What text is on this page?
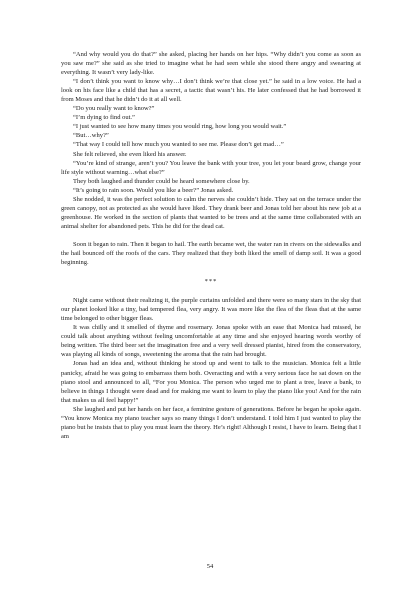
“And why would you do that?” she asked, placing her hands on her hips. “Why didn’t you come as soon as you saw me?” she said as she tried to imagine what he had seen while she stood there angry and swearing at everything. It wasn’t very lady-like.

“I don’t think you want to know why…I don’t think we’re that close yet.” he said in a low voice. He had a look on his face like a child that has a secret, a tactic that wasn’t his. He later confessed that he had borrowed it from Moses and that he didn’t do it at all well.

“Do you really want to know?”

“I’m dying to find out.”

“I just wanted to see how many times you would ring, how long you would wait.”

“But…why?”

“That way I could tell how much you wanted to see me. Please don’t get mad…”

She felt relieved, she even liked his answer.

“You’re kind of strange, aren’t you? You leave the bank with your tree, you let your beard grow, change your life style without warning…what else?”

They both laughed and thunder could be heard somewhere close by.

“It’s going to rain soon. Would you like a beer?” Jonas asked.

She nodded, it was the perfect solution to calm the nerves she couldn’t hide. They sat on the terrace under the green canopy, not as protected as she would have liked. They drank beer and Jonas told her about his new job at a greenhouse. He worked in the section of plants that wanted to be trees and at the same time collaborated with an animal shelter for abandoned pets. This he did for the dead cat.

Soon it began to rain. Then it began to hail. The earth became wet, the water ran in rivers on the sidewalks and the hail bounced off the roofs of the cars. They realized that they both liked the smell of damp soil. It was a good beginning.

***

Night came without their realizing it, the purple curtains unfolded and there were so many stars in the sky that our planet looked like a tiny, bad tempered flea, very angry. It was more like the flea of the fleas that at the same time belonged to other bigger fleas.

It was chilly and it smelled of thyme and rosemary. Jonas spoke with an ease that Monica had missed, he could talk about anything without feeling uncomfortable at any time and she enjoyed hearing words worthy of being written. The third beer set the imagination free and a very well dressed pianist, hired from the conservatory, was playing all kinds of songs, sweetening the aroma that the rain had brought.

Jonas had an idea and, without thinking he stood up and went to talk to the musician. Monica felt a little panicky, afraid he was going to embarrass them both. Overacting and with a very serious face he sat down on the piano stool and announced to all, “For you Monica. The person who urged me to plant a tree, leave a bank, to believe in things I thought were dead and for making me want to learn to play the piano like you! And for the rain that makes us all feel happy!”

She laughed and put her hands on her face, a feminine gesture of generations. Before he began he spoke again. “You know Monica my piano teacher says so many things I don’t understand. I told him I just wanted to play the piano but he insists that to play you must learn the theory. He’s right! Although I resist, I have to learn. Being that I am

54
